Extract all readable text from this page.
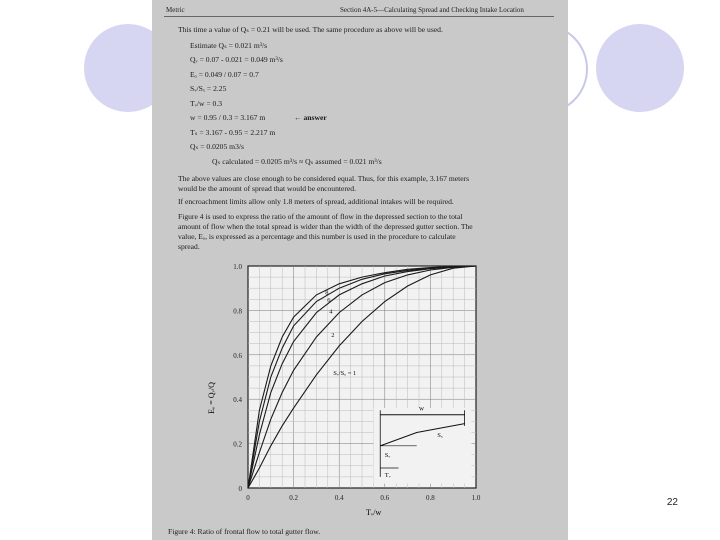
Metric	Section 4A-5—Calculating Spread and Checking Intake Location
This time a value of Qₛ = 0.21 will be used. The same procedure as above will be used.
Estimate Qₛ = 0.021 m³/s
Qᵥ = 0.07 - 0.021 = 0.049 m³/s
Eₒ = 0.049 / 0.07 = 0.7
Sᵥ/Sₓ = 2.25
Tᵥ/w = 0.3
w = 0.95 / 0.3 = 3.167 m	← answer
Tₛ = 3.167 - 0.95 = 2.217 m
Qₛ = 0.0205 m3/s
Qₛ calculated = 0.0205 m³/s ≈ Qₛ assumed = 0.021 m³/s
The above values are close enough to be considered equal. Thus, for this example, 3.167 meters
would be the amount of spread that would be encountered.
If encroachment limits allow only 1.8 meters of spread, additional intakes will be required.
Figure 4 is used to express the ratio of the amount of flow in the depressed section to the total
amount of flow when the total spread is wider than the width of the depressed gutter section. The
value, Eₒ, is expressed as a percentage and this number is used in the procedure to calculate
spread.
Figure 4: Ratio of frontal flow to total gutter flow.
w
Sₓ
Sᵥ
Tᵥ
0	0.2	0.4	0.6	0.8	1.0
0
0.2
0.4
0.6
0.8
1.0
8
6
4
2
Sᵥ/Sₓ = 1
Tᵥ/w
Eₒ = Qᵥ/Q
22
